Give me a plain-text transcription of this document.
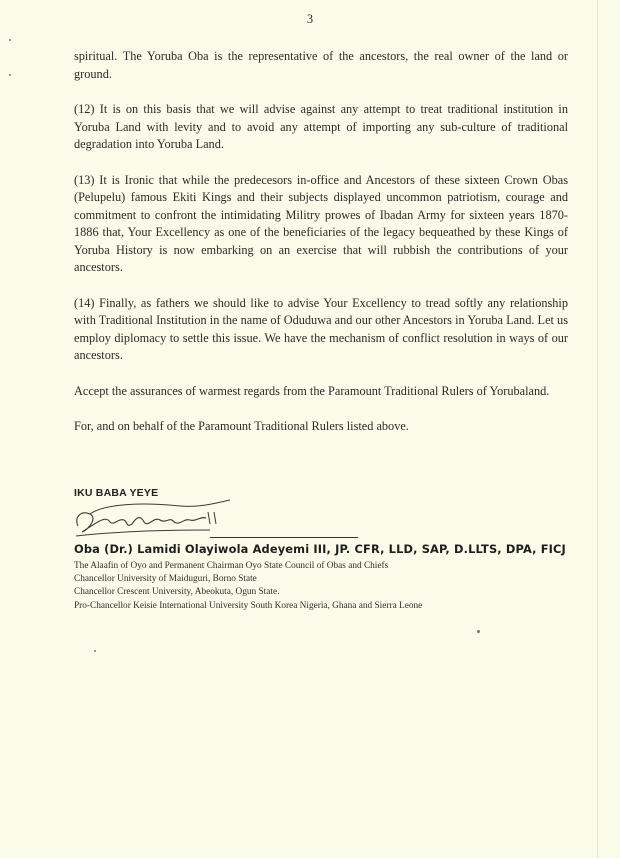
3

spiritual. The Yoruba Oba is the representative of the ancestors, the real owner of the land or ground.

(12) It is on this basis that we will advise against any attempt to treat traditional institution in Yoruba Land with levity and to avoid any attempt of importing any sub-culture of traditional degradation into Yoruba Land.

(13) It is Ironic that while the predecesors in-office and Ancestors of these sixteen Crown Obas (Pelupelu) famous Ekiti Kings and their subjects displayed uncommon patriotism, courage and commitment to confront the intimidating Militry prowes of Ibadan Army for sixteen years 1870-1886 that, Your Excellency as one of the beneficiaries of the legacy bequeathed by these Kings of Yoruba History is now embarking on an exercise that will rubbish the contributions of your ancestors.

(14) Finally, as fathers we should like to advise Your Excellency to tread softly any relationship with Traditional Institution in the name of Oduduwa and our other Ancestors in Yoruba Land. Let us employ diplomacy to settle this issue. We have the mechanism of conflict resolution in ways of our ancestors.

Accept the assurances of warmest regards from the Paramount Traditional Rulers of Yorubaland.

For, and on behalf of the Paramount Traditional Rulers listed above.

IKU BABA YEYE
Oba (Dr.) Lamidi Olayiwola Adeyemi III, JP. CFR, LLD, SAP, D.LLTS, DPA, FICJ
The Alaafin of Oyo and Permanent Chairman Oyo State Council of Obas and Chiefs
Chancellor University of Maiduguri, Borno State
Chancellor Crescent University, Abeokuta, Ogun State.
Pro-Chancellor Keisie International University South Korea Nigeria, Ghana and Sierra Leone
